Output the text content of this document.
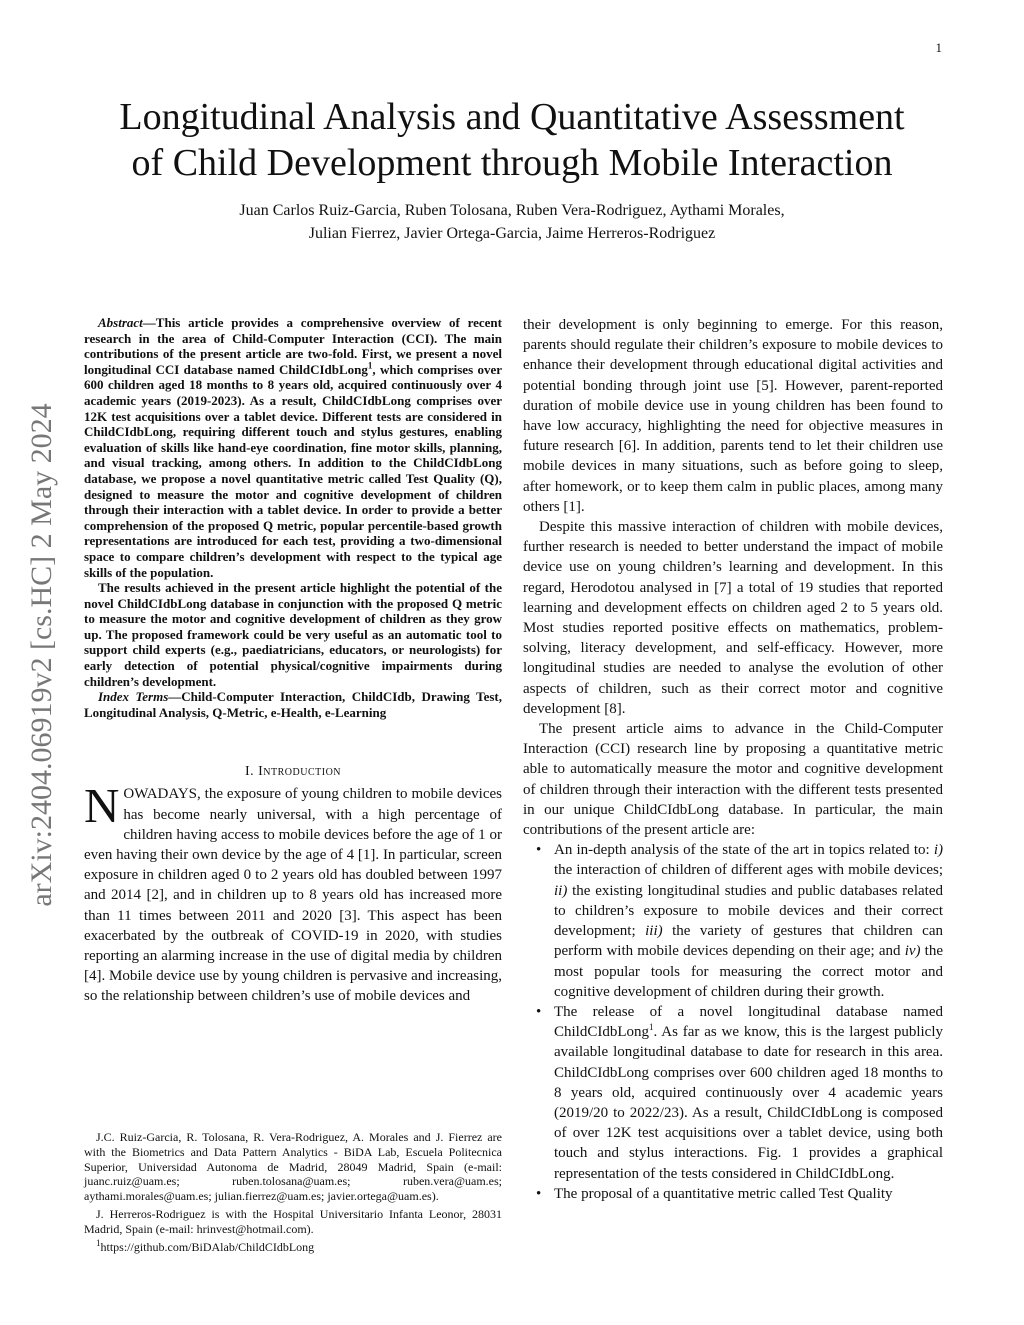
1
arXiv:2404.06919v2 [cs.HC] 2 May 2024
Longitudinal Analysis and Quantitative Assessment
of Child Development through Mobile Interaction
Juan Carlos Ruiz-Garcia, Ruben Tolosana, Ruben Vera-Rodriguez, Aythami Morales,
Julian Fierrez, Javier Ortega-Garcia, Jaime Herreros-Rodriguez

Abstract—This article provides a comprehensive overview of recent research in the area of Child-Computer Interaction (CCI). The main contributions of the present article are two-fold. First, we present a novel longitudinal CCI database named ChildCIdbLong$^1$, which comprises over 600 children aged 18 months to 8 years old, acquired continuously over 4 academic years (2019-2023). As a result, ChildCIdbLong comprises over 12K test acquisitions over a tablet device. Different tests are considered in ChildCIdbLong, requiring different touch and stylus gestures, enabling evaluation of skills like hand-eye coordination, fine motor skills, planning, and visual tracking, among others. In addition to the ChildCIdbLong database, we propose a novel quantitative metric called Test Quality (Q), designed to measure the motor and cognitive development of children through their interaction with a tablet device. In order to provide a better comprehension of the proposed Q metric, popular percentile-based growth representations are introduced for each test, providing a two-dimensional space to compare children’s development with respect to the typical age skills of the population.

The results achieved in the present article highlight the potential of the novel ChildCIdbLong database in conjunction with the proposed Q metric to measure the motor and cognitive development of children as they grow up. The proposed framework could be very useful as an automatic tool to support child experts (e.g., paediatricians, educators, or neurologists) for early detection of potential physical/cognitive impairments during children’s development.

Index Terms—Child-Computer Interaction, ChildCIdb, Drawing Test, Longitudinal Analysis, Q-Metric, e-Health, e-Learning

I. Introduction

NOWADAYS, the exposure of young children to mobile devices has become nearly universal, with a high percentage of children having access to mobile devices before the age of 1 or even having their own device by the age of 4 [1]. In particular, screen exposure in children aged 0 to 2 years old has doubled between 1997 and 2014 [2], and in children up to 8 years old has increased more than 11 times between 2011 and 2020 [3]. This aspect has been exacerbated by the outbreak of COVID-19 in 2020, with studies reporting an alarming increase in the use of digital media by children [4]. Mobile device use by young children is pervasive and increasing, so the relationship between children’s use of mobile devices and

J.C. Ruiz-Garcia, R. Tolosana, R. Vera-Rodriguez, A. Morales and J. Fierrez are with the Biometrics and Data Pattern Analytics - BiDA Lab, Escuela Politecnica Superior, Universidad Autonoma de Madrid, 28049 Madrid, Spain (e-mail: juanc.ruiz@uam.es; ruben.tolosana@uam.es; ruben.vera@uam.es; aythami.morales@uam.es; julian.fierrez@uam.es; javier.ortega@uam.es).

J. Herreros-Rodriguez is with the Hospital Universitario Infanta Leonor, 28031 Madrid, Spain (e-mail: hrinvest@hotmail.com).

$^1$https://github.com/BiDAlab/ChildCIdbLong

their development is only beginning to emerge. For this reason, parents should regulate their children’s exposure to mobile devices to enhance their development through educational digital activities and potential bonding through joint use [5]. However, parent-reported duration of mobile device use in young children has been found to have low accuracy, highlighting the need for objective measures in future research [6]. In addition, parents tend to let their children use mobile devices in many situations, such as before going to sleep, after homework, or to keep them calm in public places, among many others [1].

Despite this massive interaction of children with mobile devices, further research is needed to better understand the impact of mobile device use on young children’s learning and development. In this regard, Herodotou analysed in [7] a total of 19 studies that reported learning and development effects on children aged 2 to 5 years old. Most studies reported positive effects on mathematics, problem-solving, literacy development, and self-efficacy. However, more longitudinal studies are needed to analyse the evolution of other aspects of children, such as their correct motor and cognitive development [8].

The present article aims to advance in the Child-Computer Interaction (CCI) research line by proposing a quantitative metric able to automatically measure the motor and cognitive development of children through their interaction with the different tests presented in our unique ChildCIdbLong database. In particular, the main contributions of the present article are:

• An in-depth analysis of the state of the art in topics related to: i) the interaction of children of different ages with mobile devices; ii) the existing longitudinal studies and public databases related to children’s exposure to mobile devices and their correct development; iii) the variety of gestures that children can perform with mobile devices depending on their age; and iv) the most popular tools for measuring the correct motor and cognitive development of children during their growth.
• The release of a novel longitudinal database named ChildCIdbLong$^1$. As far as we know, this is the largest publicly available longitudinal database to date for research in this area. ChildCIdbLong comprises over 600 children aged 18 months to 8 years old, acquired continuously over 4 academic years (2019/20 to 2022/23). As a result, ChildCIdbLong is composed of over 12K test acquisitions over a tablet device, using both touch and stylus interactions. Fig. 1 provides a graphical representation of the tests considered in ChildCIdbLong.
• The proposal of a quantitative metric called Test Quality
